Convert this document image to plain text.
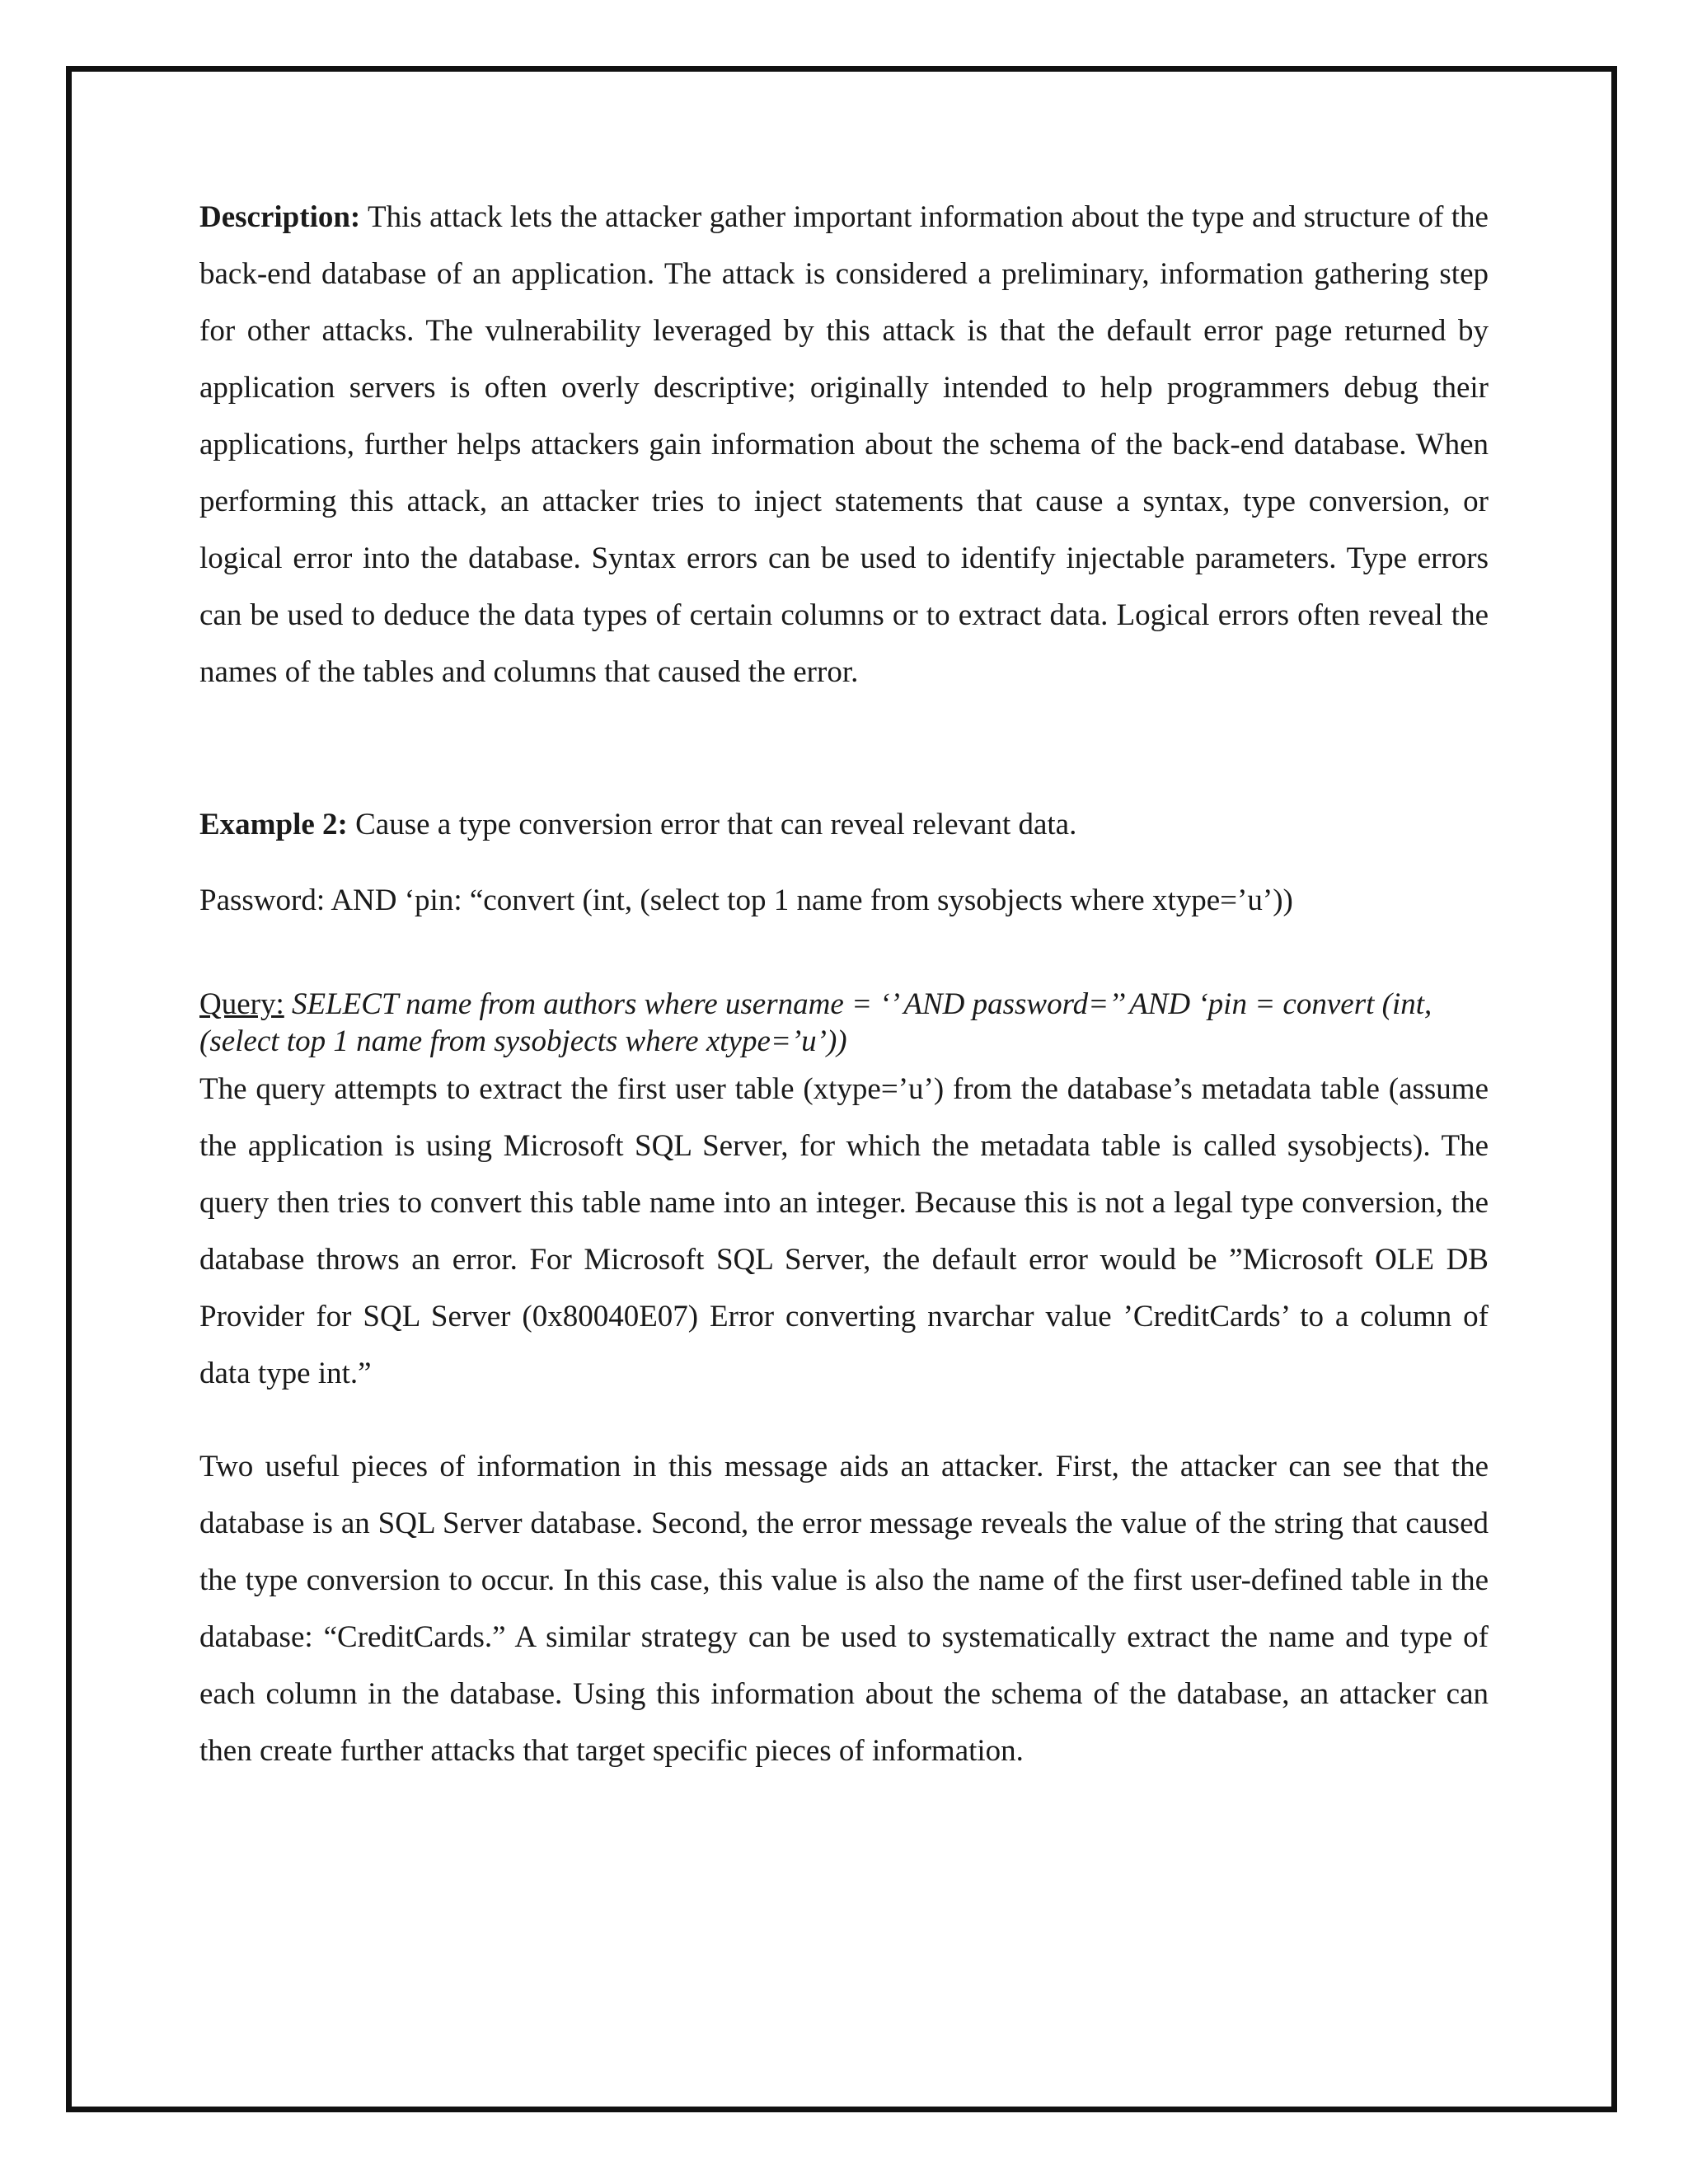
Description: This attack lets the attacker gather important information about the type and structure of the back-end database of an application. The attack is considered a preliminary, information gathering step for other attacks. The vulnerability leveraged by this attack is that the default error page returned by application servers is often overly descriptive; originally intended to help programmers debug their applications, further helps attackers gain information about the schema of the back-end database. When performing this attack, an attacker tries to inject statements that cause a syntax, type conversion, or logical error into the database. Syntax errors can be used to identify injectable parameters. Type errors can be used to deduce the data types of certain columns or to extract data. Logical errors often reveal the names of the tables and columns that caused the error.

Example 2: Cause a type conversion error that can reveal relevant data.

Password: AND ‘pin: “convert (int, (select top 1 name from sysobjects where xtype=’u’))

Query: SELECT name from authors where username = ‘’ AND password=’’ AND ‘pin = convert (int,(select top 1 name from sysobjects where xtype=’u’))

The query attempts to extract the first user table (xtype=’u’) from the database’s metadata table (assume the application is using Microsoft SQL Server, for which the metadata table is called sysobjects). The query then tries to convert this table name into an integer. Because this is not a legal type conversion, the database throws an error. For Microsoft SQL Server, the default error would be ”Microsoft OLE DB Provider for SQL Server (0x80040E07) Error converting nvarchar value ’CreditCards’ to a column of data type int.”

Two useful pieces of information in this message aids an attacker. First, the attacker can see that the database is an SQL Server database. Second, the error message reveals the value of the string that caused the type conversion to occur. In this case, this value is also the name of the first user-defined table in the database: “CreditCards.” A similar strategy can be used to systematically extract the name and type of each column in the database. Using this information about the schema of the database, an attacker can then create further attacks that target specific pieces of information.
